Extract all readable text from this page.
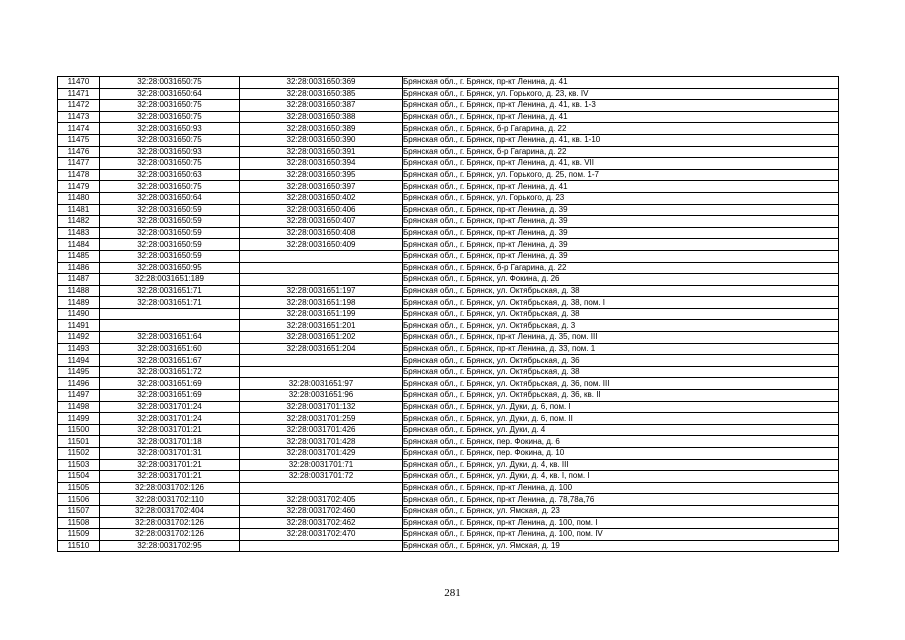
11470	32:28:0031650:75	32:28:0031650:369	Брянская обл., г. Брянск, пр-кт Ленина, д. 41
11471	32:28:0031650:64	32:28:0031650:385	Брянская обл., г. Брянск, ул. Горького, д. 23, кв. IV
11472	32:28:0031650:75	32:28:0031650:387	Брянская обл., г. Брянск, пр-кт Ленина, д. 41, кв. 1-3
11473	32:28:0031650:75	32:28:0031650:388	Брянская обл., г. Брянск, пр-кт Ленина, д. 41
11474	32:28:0031650:93	32:28:0031650:389	Брянская обл., г. Брянск, б-р Гагарина, д. 22
11475	32:28:0031650:75	32:28:0031650:390	Брянская обл., г. Брянск, пр-кт Ленина, д. 41, кв. 1-10
11476	32:28:0031650:93	32:28:0031650:391	Брянская обл., г. Брянск, б-р Гагарина, д. 22
11477	32:28:0031650:75	32:28:0031650:394	Брянская обл., г. Брянск, пр-кт Ленина, д. 41, кв. VII
11478	32:28:0031650:63	32:28:0031650:395	Брянская обл., г. Брянск, ул. Горького, д. 25, пом. 1-7
11479	32:28:0031650:75	32:28:0031650:397	Брянская обл., г. Брянск, пр-кт Ленина, д. 41
11480	32:28:0031650:64	32:28:0031650:402	Брянская обл., г. Брянск, ул. Горького, д. 23
11481	32:28:0031650:59	32:28:0031650:406	Брянская обл., г. Брянск, пр-кт Ленина, д. 39
11482	32:28:0031650:59	32:28:0031650:407	Брянская обл., г. Брянск, пр-кт Ленина, д. 39
11483	32:28:0031650:59	32:28:0031650:408	Брянская обл., г. Брянск, пр-кт Ленина, д. 39
11484	32:28:0031650:59	32:28:0031650:409	Брянская обл., г. Брянск, пр-кт Ленина, д. 39
11485	32:28:0031650:59		Брянская обл., г. Брянск, пр-кт Ленина, д. 39
11486	32:28:0031650:95		Брянская обл., г. Брянск, б-р Гагарина, д. 22
11487	32:28:0031651:189		Брянская обл., г. Брянск, ул. Фокина, д. 26
11488	32:28:0031651:71	32:28:0031651:197	Брянская обл., г. Брянск, ул. Октябрьская, д. 38
11489	32:28:0031651:71	32:28:0031651:198	Брянская обл., г. Брянск, ул. Октябрьская, д. 38, пом. I
11490		32:28:0031651:199	Брянская обл., г. Брянск, ул. Октябрьская, д. 38
11491		32:28:0031651:201	Брянская обл., г. Брянск, ул. Октябрьская, д. 3
11492	32:28:0031651:64	32:28:0031651:202	Брянская обл., г. Брянск, пр-кт Ленина, д. 35, пом. III
11493	32:28:0031651:60	32:28:0031651:204	Брянская обл., г. Брянск, пр-кт Ленина, д. 33, пом. 1
11494	32:28:0031651:67		Брянская обл., г. Брянск, ул. Октябрьская, д. 36
11495	32:28:0031651:72		Брянская обл., г. Брянск, ул. Октябрьская, д. 38
11496	32:28:0031651:69	32:28:0031651:97	Брянская обл., г. Брянск, ул. Октябрьская, д. 36, пом. III
11497	32:28:0031651:69	32:28:0031651:96	Брянская обл., г. Брянск, ул. Октябрьская, д. 36, кв. II
11498	32:28:0031701:24	32:28:0031701:132	Брянская обл., г. Брянск, ул. Дуки, д. 6, пом. I
11499	32:28:0031701:24	32:28:0031701:259	Брянская обл., г. Брянск, ул. Дуки, д. 6, пом. II
11500	32:28:0031701:21	32:28:0031701:426	Брянская обл., г. Брянск, ул. Дуки, д. 4
11501	32:28:0031701:18	32:28:0031701:428	Брянская обл., г. Брянск, пер. Фокина, д. 6
11502	32:28:0031701:31	32:28:0031701:429	Брянская обл., г. Брянск, пер. Фокина, д. 10
11503	32:28:0031701:21	32:28:0031701:71	Брянская обл., г. Брянск, ул. Дуки, д. 4, кв. III
11504	32:28:0031701:21	32:28:0031701:72	Брянская обл., г. Брянск, ул. Дуки, д. 4, кв. I, пом. I
11505	32:28:0031702:126		Брянская обл., г. Брянск, пр-кт Ленина, д. 100
11506	32:28:0031702:110	32:28:0031702:405	Брянская обл., г. Брянск, пр-кт Ленина, д. 78,78а,76
11507	32:28:0031702:404	32:28:0031702:460	Брянская обл., г. Брянск, ул. Ямская, д. 23
11508	32:28:0031702:126	32:28:0031702:462	Брянская обл., г. Брянск, пр-кт Ленина, д. 100, пом. I
11509	32:28:0031702:126	32:28:0031702:470	Брянская обл., г. Брянск, пр-кт Ленина, д. 100, пом. IV
11510	32:28:0031702:95		Брянская обл., г. Брянск, ул. Ямская, д. 19
281
